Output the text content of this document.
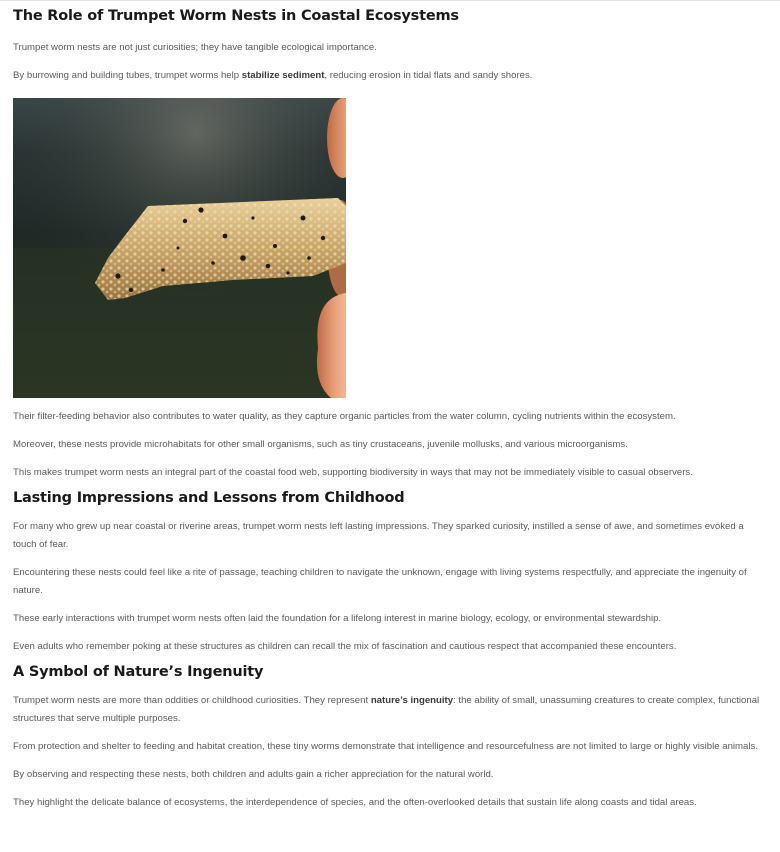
The Role of Trumpet Worm Nests in Coastal Ecosystems

Trumpet worm nests are not just curiosities; they have tangible ecological importance.

By burrowing and building tubes, trumpet worms help stabilize sediment, reducing erosion in tidal flats and sandy shores.

Their filter-feeding behavior also contributes to water quality, as they capture organic particles from the water column, cycling nutrients within the ecosystem.

Moreover, these nests provide microhabitats for other small organisms, such as tiny crustaceans, juvenile mollusks, and various microorganisms.

This makes trumpet worm nests an integral part of the coastal food web, supporting biodiversity in ways that may not be immediately visible to casual observers.

Lasting Impressions and Lessons from Childhood

For many who grew up near coastal or riverine areas, trumpet worm nests left lasting impressions. They sparked curiosity, instilled a sense of awe, and sometimes evoked a touch of fear.

Encountering these nests could feel like a rite of passage, teaching children to navigate the unknown, engage with living systems respectfully, and appreciate the ingenuity of nature.

These early interactions with trumpet worm nests often laid the foundation for a lifelong interest in marine biology, ecology, or environmental stewardship.

Even adults who remember poking at these structures as children can recall the mix of fascination and cautious respect that accompanied these encounters.

A Symbol of Nature’s Ingenuity

Trumpet worm nests are more than oddities or childhood curiosities. They represent nature’s ingenuity: the ability of small, unassuming creatures to create complex, functional structures that serve multiple purposes.

From protection and shelter to feeding and habitat creation, these tiny worms demonstrate that intelligence and resourcefulness are not limited to large or highly visible animals.

By observing and respecting these nests, both children and adults gain a richer appreciation for the natural world.

They highlight the delicate balance of ecosystems, the interdependence of species, and the often-overlooked details that sustain life along coasts and tidal areas.
